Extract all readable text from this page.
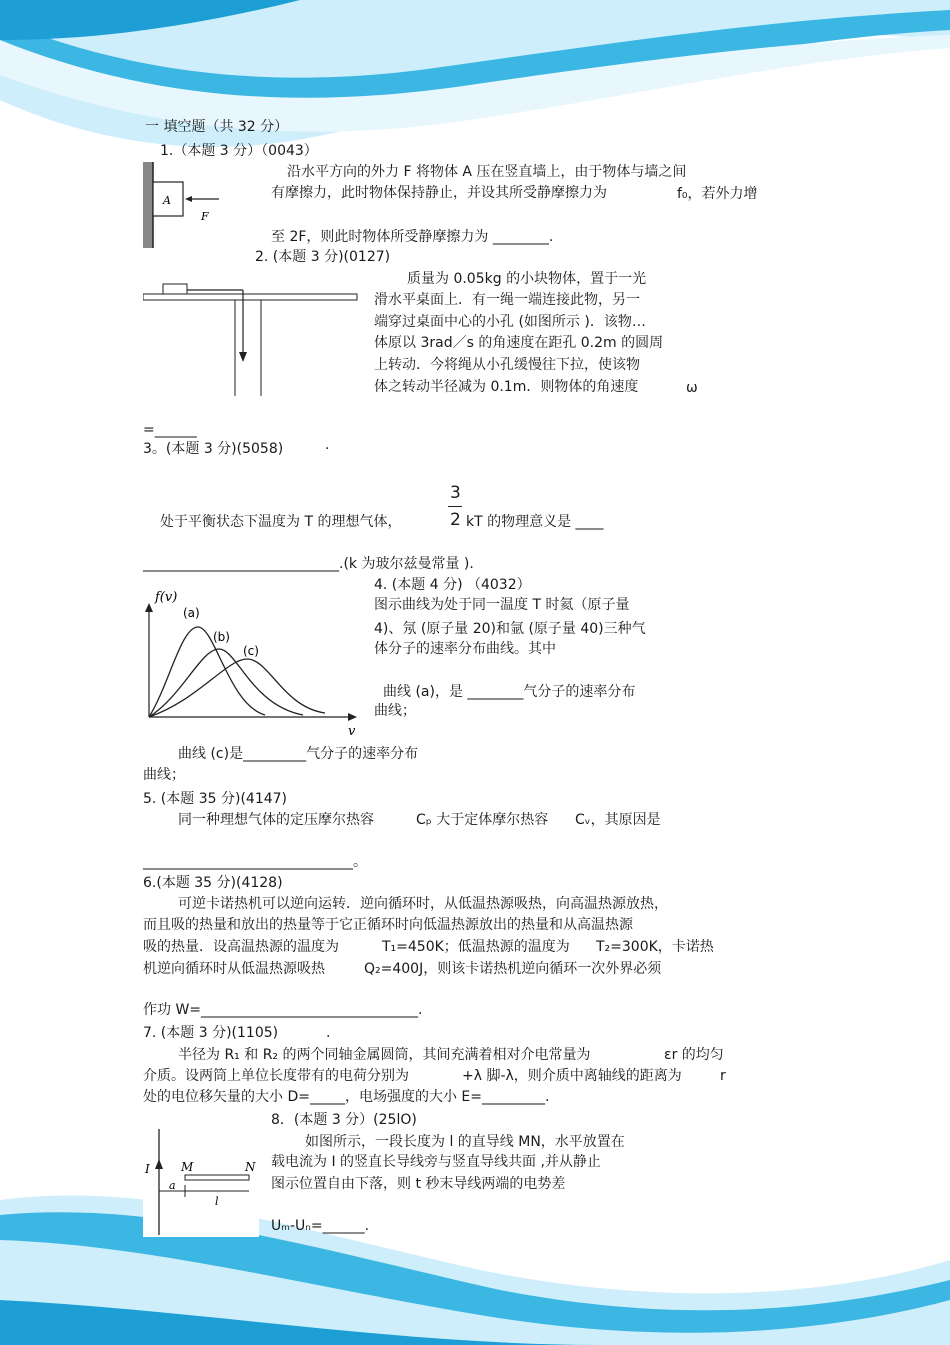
一 填空题（共 32 分）
1.（本题 3 分）（0043）
A
F
沿水平方向的外力 F 将物体 A 压在竖直墙上，由于物体与墙之间
有摩擦力，此时物体保持静止，并设其所受静摩擦力为	f₀，若外力增
至 2F，则此时物体所受静摩擦力为 ________.
2. (本题 3 分)(0127)
质量为 0.05kg 的小块物体，置于一光
滑水平桌面上．有一绳一端连接此物，另一
端穿过桌面中心的小孔 (如图所示 )．该物…
体原以 3rad／s 的角速度在距孔 0.2m 的圆周
上转动．今将绳从小孔缓慢往下拉，使该物
体之转动半径减为 0.1m．则物体的角速度	ω
=______
3。(本题 3 分)(5058)	·
3
2
处于平衡状态下温度为 T 的理想气体，	kT 的物理意义是 ____
____________________________.(k 为玻尔兹曼常量 ).
f(v)
v
(a)
(b)
(c)
4. (本题 4 分) （4032）
图示曲线为处于同一温度 T 时氦（原子量
4)、氖 (原子量 20)和氩 (原子量 40)三种气
体分子的速率分布曲线。其中
曲线 (a)，是 ________气分子的速率分布
曲线；
曲线 (c)是_________气分子的速率分布
曲线；
5. (本题 35 分)(4147)
同一种理想气体的定压摩尔热容	Cₚ 大于定体摩尔热容 Cᵥ，其原因是
______________________________。
6.(本题 35 分)(4128)
可逆卡诺热机可以逆向运转．逆向循环时，从低温热源吸热，向高温热源放热，
而且吸的热量和放出的热量等于它正循环时向低温热源放出的热量和从高温热源
吸的热量．设高温热源的温度为	T₁=450K；低温热源的温度为 T₂=300K，卡诺热
机逆向循环时从低温热源吸热	Q₂=400J，则该卡诺热机逆向循环一次外界必须
作功 W=_______________________________.
7. (本题 3 分)(1105)	.
半径为 R₁ 和 R₂ 的两个同轴金属圆筒，其间充满着相对介电常量为	εr 的均匀
介质。设两筒上单位长度带有的电荷分别为	+λ 脚-λ，则介质中离轴线的距离为	r
处的电位移矢量的大小 D=_____，电场强度的大小 E=_________.
I	M	N
a
l
8．(本题 3 分）(25lO)
如图所示，一段长度为 l 的直导线 MN，水平放置在
载电流为 I 的竖直长导线旁与竖直导线共面 ,并从静止
图示位置自由下落，则 t 秒末导线两端的电势差
Uₘ-Uₙ=______.
